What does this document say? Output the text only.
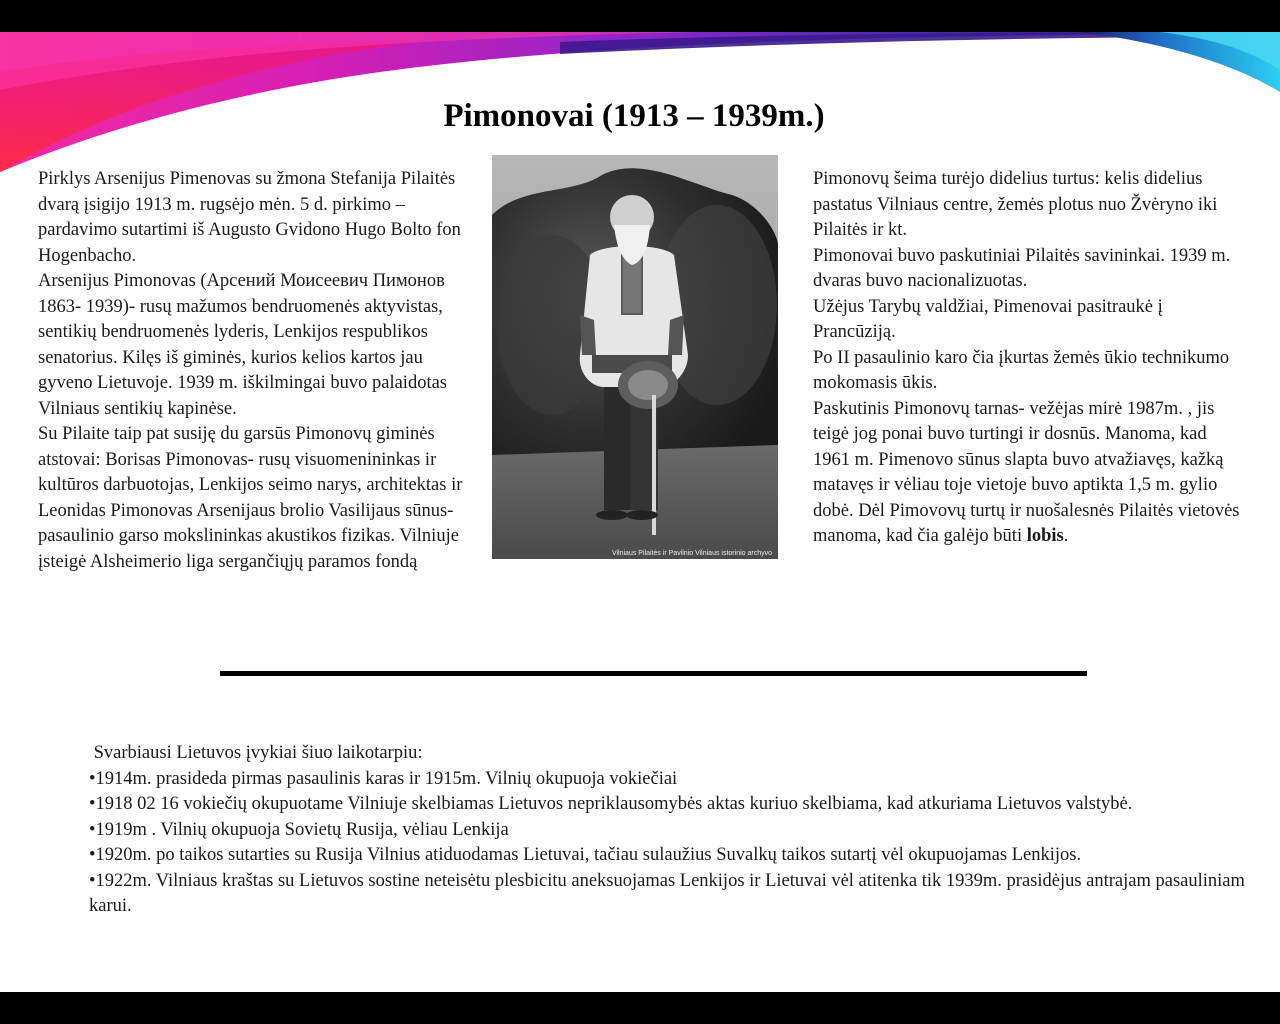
Pimonovai (1913 – 1939m.)

Pirklys Arsenijus Pimenovas su žmona Stefanija Pilaitės dvarą įsigijo 1913 m. rugsėjo mėn. 5 d. pirkimo – pardavimo sutartimi iš Augusto Gvidono Hugo Bolto fon Hogenbacho.

Arsenijus Pimonovas (Арсений Моисеевич Пимонов 1863- 1939)- rusų mažumos bendruomenės aktyvistas, sentikių bendruomenės lyderis, Lenkijos respublikos senatorius. Kilęs iš giminės, kurios kelios kartos jau gyveno Lietuvoje. 1939 m. iškilmingai buvo palaidotas Vilniaus sentikių kapinėse.

Su Pilaite taip pat susiję du garsūs Pimonovų giminės atstovai: Borisas Pimonovas- rusų visuomenininkas ir kultūros darbuotojas, Lenkijos seimo narys, architektas ir Leonidas Pimonovas Arsenijaus brolio Vasilijaus sūnus- pasaulinio garso mokslininkas akustikos fizikas. Vilniuje įsteigė Alsheimerio liga sergančiųjų paramos fondą	Vilniaus Pilaitės ir Pavilnio Vilniaus istorinio archyvo

Pimonovų šeima turėjo didelius turtus: kelis didelius pastatus Vilniaus centre, žemės plotus nuo Žvėryno iki Pilaitės ir kt.

Pimonovai buvo paskutiniai Pilaitės savininkai. 1939 m. dvaras buvo nacionalizuotas.

Užėjus Tarybų valdžiai, Pimenovai pasitraukė į Prancūziją.

Po II pasaulinio karo čia įkurtas žemės ūkio technikumo mokomasis ūkis.

Paskutinis Pimonovų tarnas- vežėjas mirė 1987m. , jis teigė jog ponai buvo turtingi ir dosnūs. Manoma, kad 1961 m. Pimenovo sūnus slapta buvo atvažiavęs, kažką matavęs ir vėliau toje vietoje buvo aptikta 1,5 m. gylio dobė. Dėl Pimovovų turtų ir nuošalesnės Pilaitės vietovės manoma, kad čia galėjo būti lobis.

Svarbiausi Lietuvos įvykiai šiuo laikotarpiu:

•1914m. prasideda pirmas pasaulinis karas ir 1915m. Vilnių okupuoja vokiečiai

•1918 02 16 vokiečių okupuotame Vilniuje skelbiamas Lietuvos nepriklausomybės aktas kuriuo skelbiama, kad atkuriama Lietuvos valstybė.

•1919m . Vilnių okupuoja Sovietų Rusija, vėliau Lenkija

•1920m. po taikos sutarties su Rusija Vilnius atiduodamas Lietuvai, tačiau sulaužius Suvalkų taikos sutartį vėl okupuojamas Lenkijos.

•1922m. Vilniaus kraštas su Lietuvos sostine neteisėtu plesbicitu aneksuojamas Lenkijos ir Lietuvai vėl atitenka tik 1939m. prasidėjus antrajam pasauliniam karui.
